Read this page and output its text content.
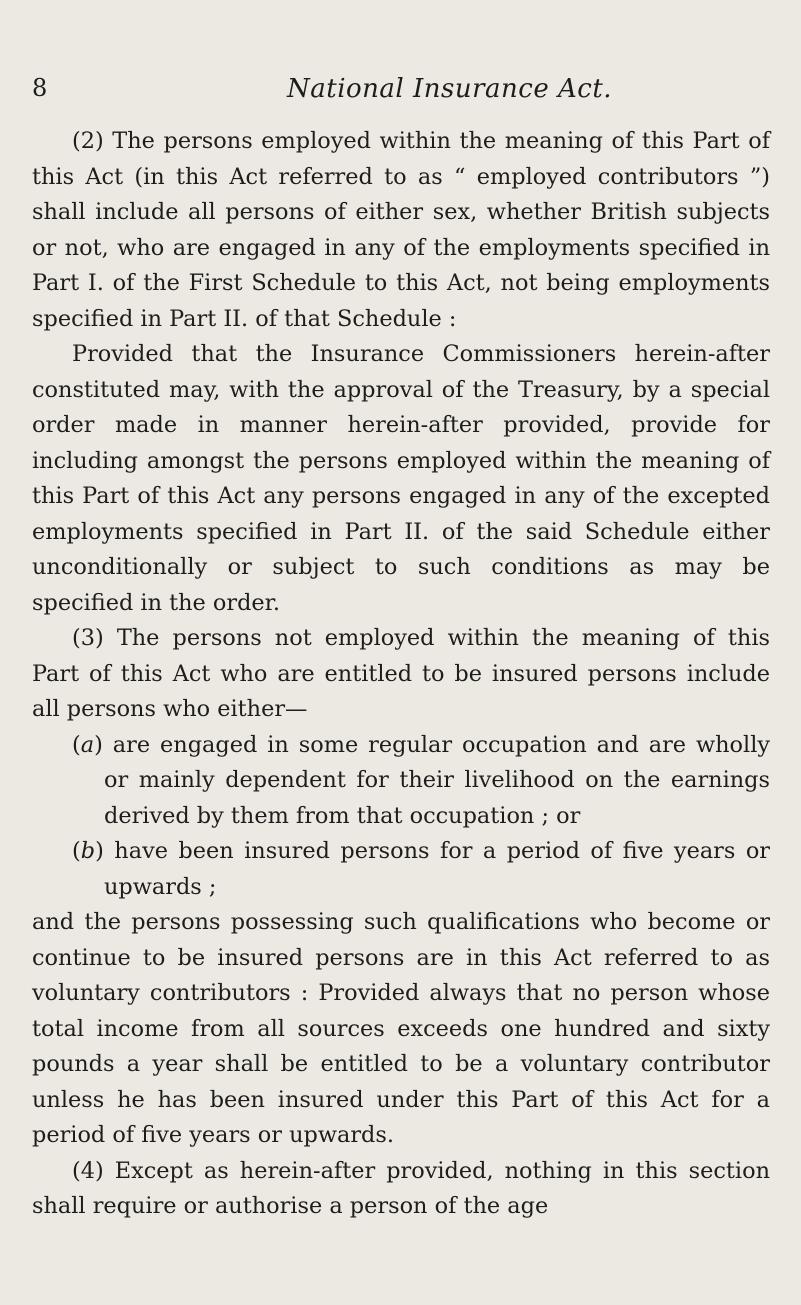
8	National Insurance Act.

(2) The persons employed within the meaning of this Part of this Act (in this Act referred to as “ employed contributors ”) shall include all persons of either sex, whether British subjects or not, who are engaged in any of the employments specified in Part I. of the First Schedule to this Act, not being employments specified in Part II. of that Schedule :

Provided that the Insurance Commissioners herein-after constituted may, with the approval of the Treasury, by a special order made in manner herein-after provided, provide for including amongst the persons employed within the meaning of this Part of this Act any persons engaged in any of the excepted employments specified in Part II. of the said Schedule either unconditionally or subject to such conditions as may be specified in the order.

(3) The persons not employed within the meaning of this Part of this Act who are entitled to be insured persons include all persons who either—

(a) are engaged in some regular occupation and are wholly or mainly dependent for their livelihood on the earnings derived by them from that occupation ; or

(b) have been insured persons for a period of five years or upwards ;

and the persons possessing such qualifications who become or continue to be insured persons are in this Act referred to as voluntary contributors : Provided always that no person whose total income from all sources exceeds one hundred and sixty pounds a year shall be entitled to be a voluntary contributor unless he has been insured under this Part of this Act for a period of five years or upwards.

(4) Except as herein-after provided, nothing in this section shall require or authorise a person of the age
